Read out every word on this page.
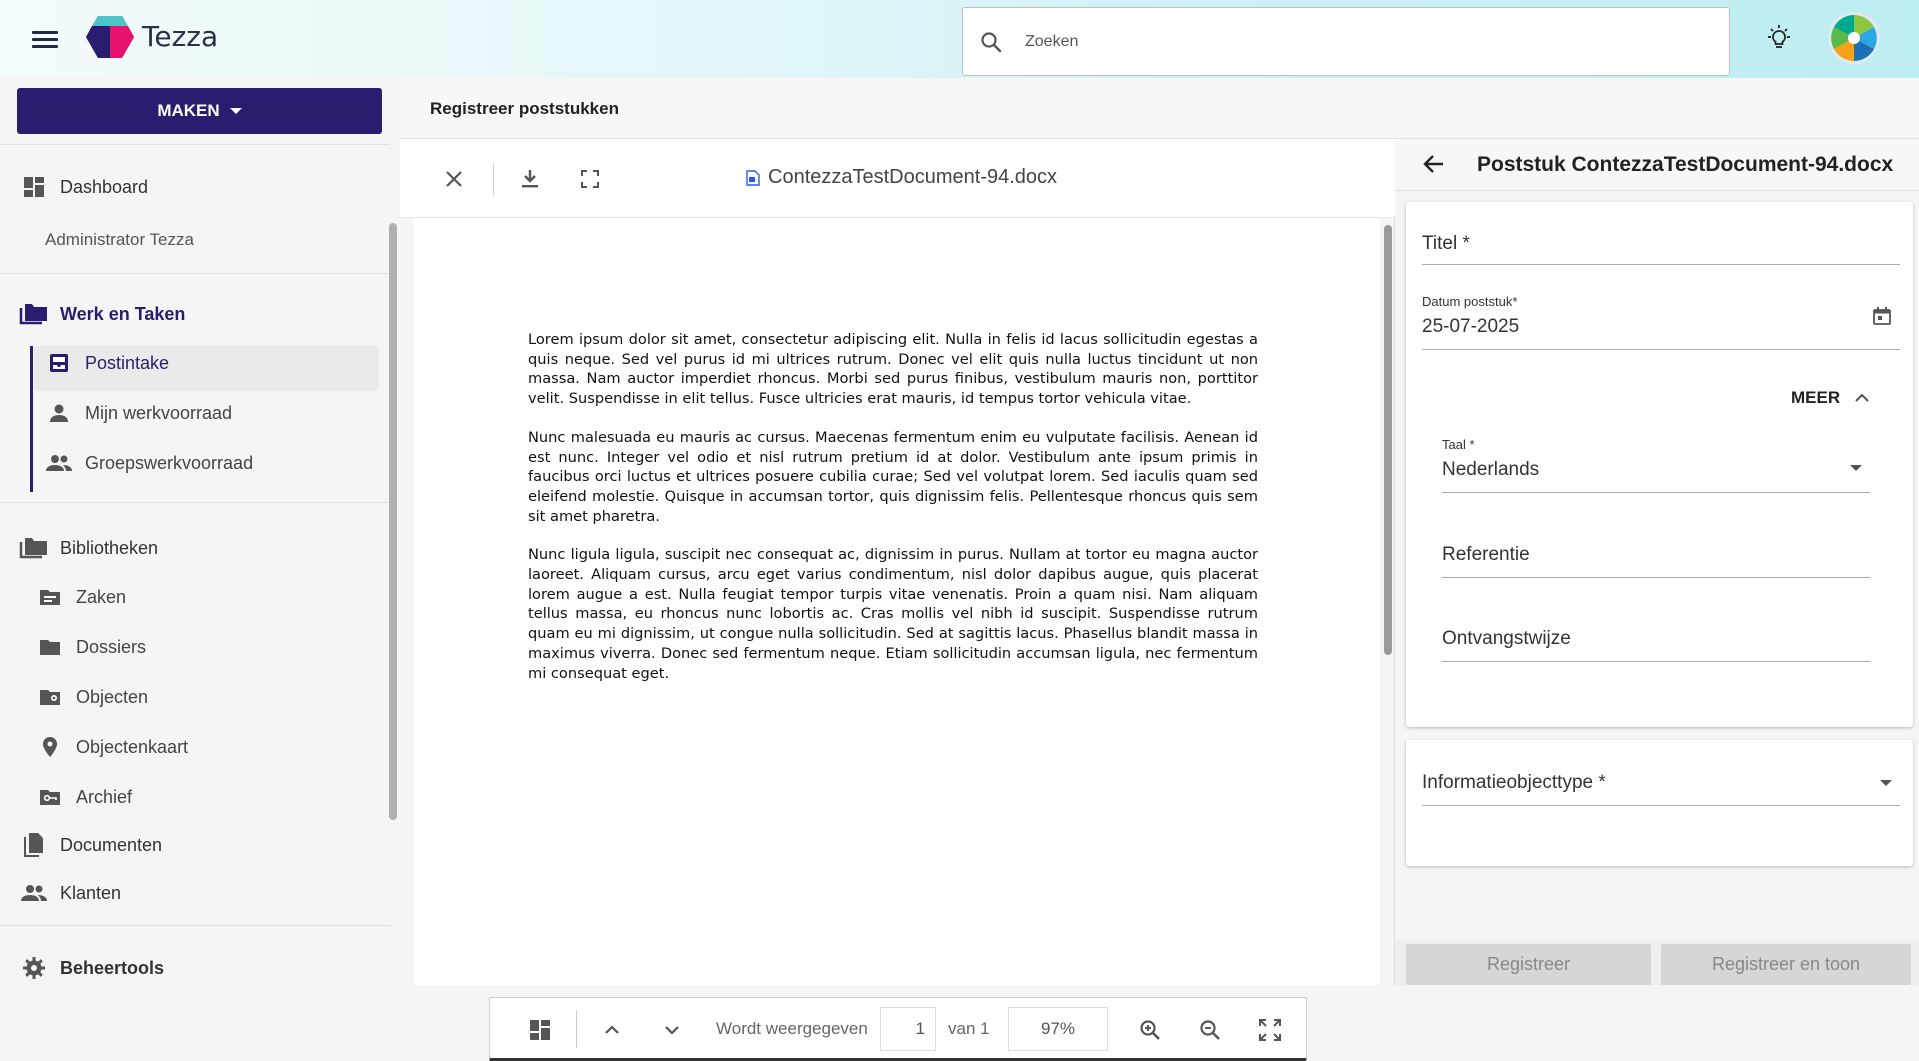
Tezza
Zoeken
MAKEN
Dashboard
Administrator Tezza
Werk en Taken
Postintake
Mijn werkvoorraad
Groepswerkvoorraad
Bibliotheken
Zaken
Dossiers
Objecten
Objectenkaart
Archief
Documenten
Klanten
Beheertools
Registreer poststukken
ContezzaTestDocument-94.docx

Lorem ipsum dolor sit amet, consectetur adipiscing elit. Nulla in felis id lacus sollicitudin egestas a quis neque. Sed vel purus id mi ultrices rutrum. Donec vel elit quis nulla luctus tincidunt ut non massa. Nam auctor imperdiet rhoncus. Morbi sed purus finibus, vestibulum mauris non, porttitor velit. Suspendisse in elit tellus. Fusce ultricies erat mauris, id tempus tortor vehicula vitae.

Nunc malesuada eu mauris ac cursus. Maecenas fermentum enim eu vulputate facilisis. Aenean id est nunc. Integer vel odio et nisl rutrum pretium id at dolor. Vestibulum ante ipsum primis in faucibus orci luctus et ultrices posuere cubilia curae; Sed vel volutpat lorem. Sed iaculis quam sed eleifend molestie. Quisque in accumsan tortor, quis dignissim felis. Pellentesque rhoncus quis sem sit amet pharetra.

Nunc ligula ligula, suscipit nec consequat ac, dignissim in purus. Nullam at tortor eu magna auctor laoreet. Aliquam cursus, arcu eget varius condimentum, nisl dolor dapibus augue, quis placerat lorem augue a est. Nulla feugiat tempor turpis vitae venenatis. Proin a quam nisi. Nam aliquam tellus massa, eu rhoncus nunc lobortis ac. Cras mollis vel nibh id suscipit. Suspendisse rutrum quam eu mi dignissim, ut congue nulla sollicitudin. Sed at sagittis lacus. Phasellus blandit massa in maximus viverra. Donec sed fermentum neque. Etiam sollicitudin accumsan ligula, nec fermentum mi consequat eget.

Wordt weergegeven
1	van 1
97%
Poststuk ContezzaTestDocument-94.docx
Titel *
Datum poststuk*
25-07-2025
MEER
Taal *
Nederlands
Referentie
Ontvangstwijze
Informatieobjecttype *
Registreer	Registreer en toon
